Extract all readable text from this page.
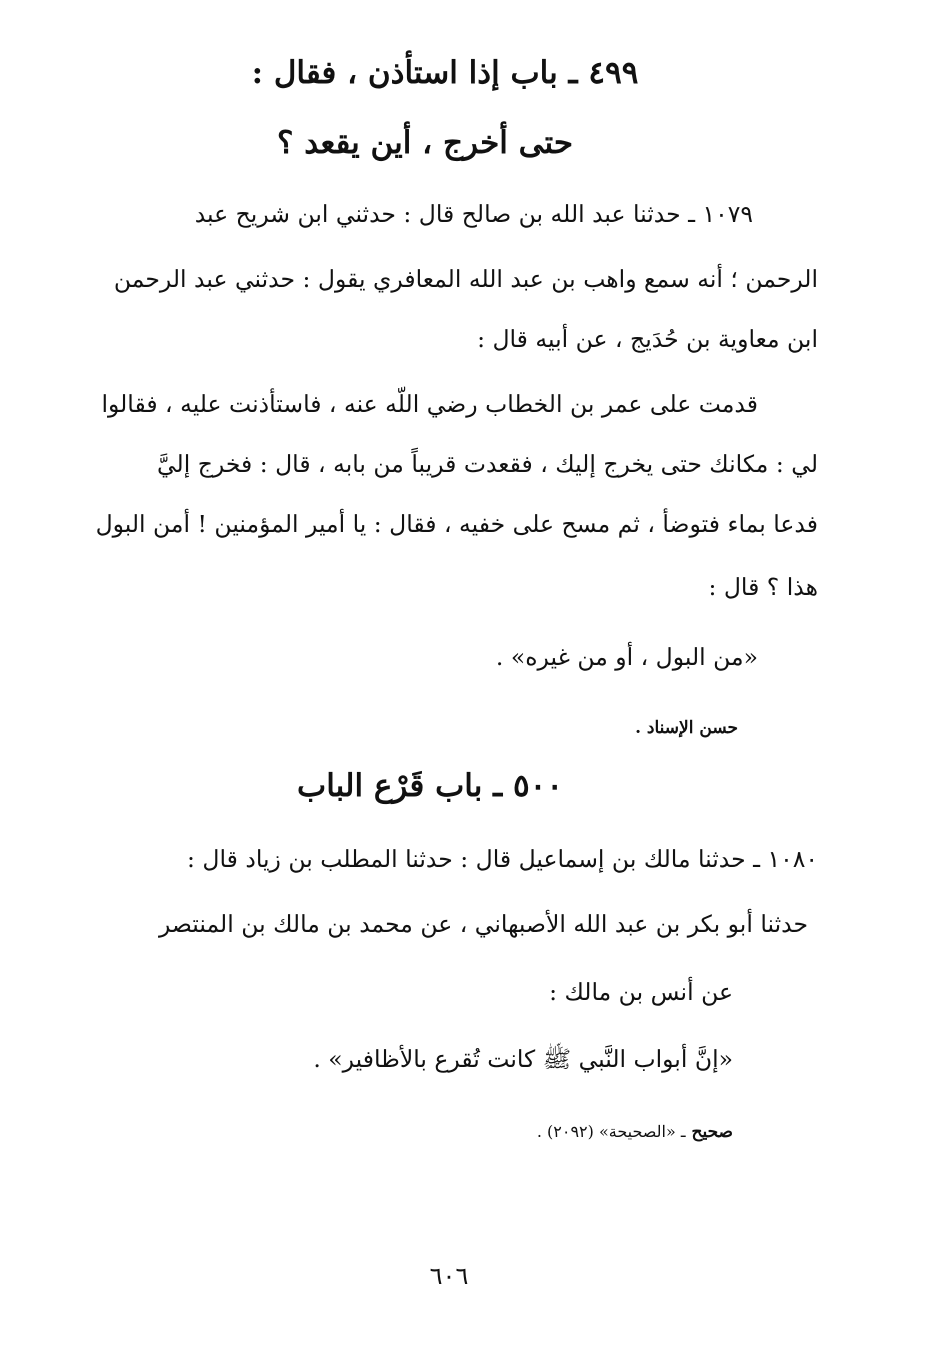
٤٩٩ ـ باب إذا استأذن ، فقال :
حتى أخرج ، أين يقعد ؟
١٠٧٩ ـ حدثنا عبد الله بن صالح قال : حدثني ابن شريح عبد
الرحمن ؛ أنه سمع واهب بن عبد الله المعافري يقول : حدثني عبد الرحمن
ابن معاوية بن حُدَيج ، عن أبيه قال :
قدمت على عمر بن الخطاب رضي اللّه عنه ، فاستأذنت عليه ، فقالوا
لي : مكانك حتى يخرج إليك ، فقعدت قريباً من بابه ، قال : فخرج إليَّ
فدعا بماء فتوضأ ، ثم مسح على خفيه ، فقال : يا أمير المؤمنين ! أمن البول
هذا ؟ قال :
«من البول ، أو من غيره» .
حسن الإسناد .
٥٠٠ ـ باب قَرْع الباب
١٠٨٠ ـ حدثنا مالك بن إسماعيل قال : حدثنا المطلب بن زياد قال :
حدثنا أبو بكر بن عبد الله الأصبهاني ، عن محمد بن مالك بن المنتصر
عن أنس بن مالك :
«إنَّ أبواب النَّبي ﷺ كانت تُقرع بالأظافير» .
صحيح ـ «الصحيحة» (٢٠٩٢) .
٦٠٦
